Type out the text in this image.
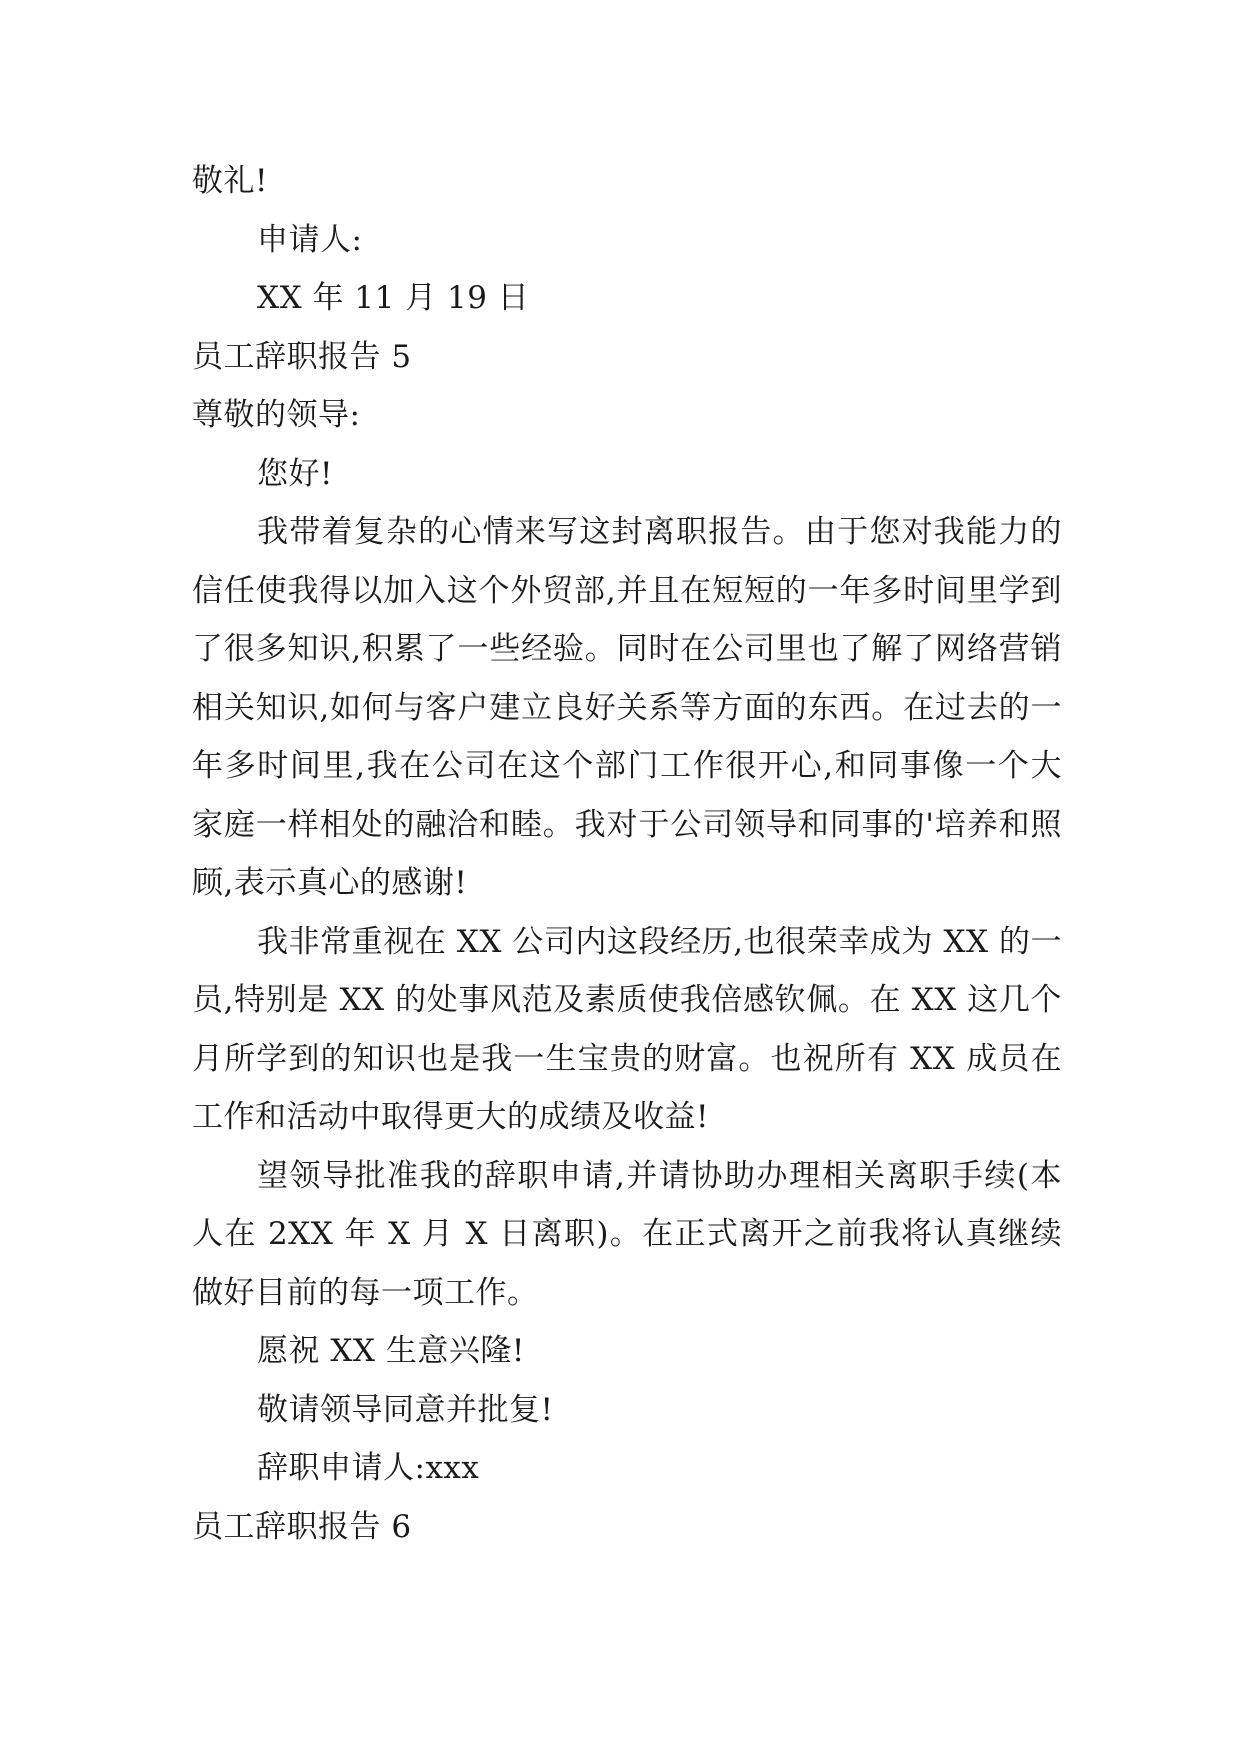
敬礼!
申请人:
XX 年 11 月 19 日
员工辞职报告 5
尊敬的领导:
您好!

我带着复杂的心情来写这封离职报告。由于您对我能力的信任使我得以加入这个外贸部,并且在短短的一年多时间里学到了很多知识,积累了一些经验。同时在公司里也了解了网络营销相关知识,如何与客户建立良好关系等方面的东西。在过去的一年多时间里,我在公司在这个部门工作很开心,和同事像一个大家庭一样相处的融洽和睦。我对于公司领导和同事的'培养和照顾,表示真心的感谢!

我非常重视在 XX 公司内这段经历,也很荣幸成为 XX 的一员,特别是 XX 的处事风范及素质使我倍感钦佩。在 XX 这几个月所学到的知识也是我一生宝贵的财富。也祝所有 XX 成员在工作和活动中取得更大的成绩及收益!

望领导批准我的辞职申请,并请协助办理相关离职手续(本人在 2XX 年 X 月 X 日离职)。在正式离开之前我将认真继续做好目前的每一项工作。

愿祝 XX 生意兴隆!
敬请领导同意并批复!
辞职申请人:xxx
员工辞职报告 6
